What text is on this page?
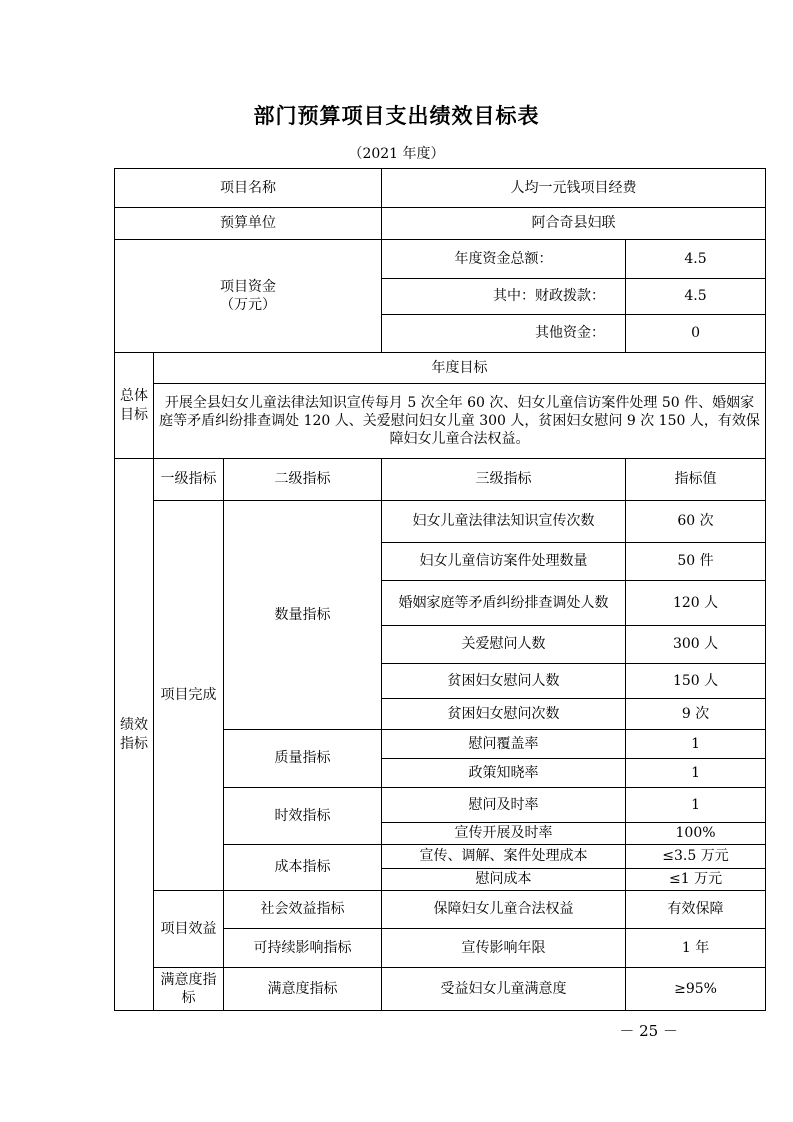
部门预算项目支出绩效目标表
（2021 年度）
项目名称			人均一元钱项目经费	
预算单位			阿合奇县妇联	

项目资金
（万元）			年度资金总额：	4.5
			其中：财政拨款：	4.5
			其他资金：	0
总体目标	年度目标			
	开展全县妇女儿童法律法知识宣传每月 5 次全年 60 次、妇女儿童信访案件处理 50 件、婚姻家庭等矛盾纠纷排查调处 120 人、关爱慰问妇女儿童 300 人，贫困妇女慰问 9 次 150 人，有效保障妇女儿童合法权益。			
绩效指标	一级指标	二级指标	三级指标	指标值
	项目完成	数量指标	妇女儿童法律法知识宣传次数	60 次
			妇女儿童信访案件处理数量	50 件
			婚姻家庭等矛盾纠纷排查调处人数	120 人
			关爱慰问人数	300 人
			贫困妇女慰问人数	150 人
			贫困妇女慰问次数	9 次
		质量指标	慰问覆盖率	1
			政策知晓率	1
		时效指标	慰问及时率	1
			宣传开展及时率	100%
		成本指标	宣传、调解、案件处理成本	≤3.5 万元
			慰问成本	≤1 万元
	项目效益	社会效益指标	保障妇女儿童合法权益	有效保障
		可持续影响指标	宣传影响年限	1 年
	满意度指标	满意度指标	受益妇女儿童满意度	≥95%
－ 25 －
